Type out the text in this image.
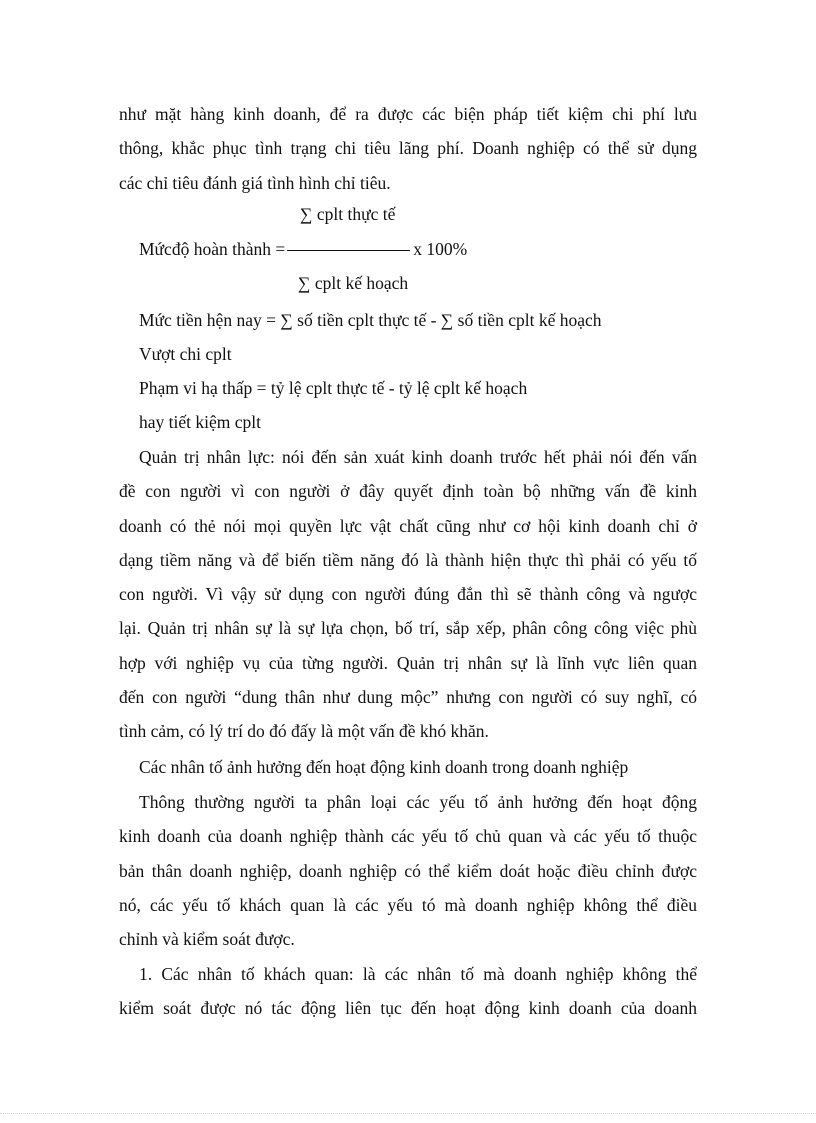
như mặt hàng kinh doanh, để ra được các biện pháp tiết kiệm chi phí lưu
thông, khắc phục tình trạng chi tiêu lãng phí. Doanh nghiệp có thể sử dụng
các chỉ tiêu đánh giá tình hình chỉ tiêu.

∑ cplt thực tế
Mứcđộ hoàn thành =	x 100%
∑ cplt kế hoạch

Mức tiền hện nay = ∑ số tiền cplt thực tế - ∑ số tiền cplt kế hoạch

Vượt chi cplt

Phạm vi hạ thấp = tỷ lệ cplt thực tế - tỷ lệ cplt kế hoạch

hay tiết kiệm cplt

Quản trị nhân lực: nói đến sản xuát kinh doanh trước hết phải nói đến vấn
đề con người vì con người ở đây quyết định toàn bộ những vấn đề kinh
doanh có thẻ nói mọi quyền lực vật chất cũng như cơ hội kinh doanh chỉ ở
dạng tiềm năng và để biến tiềm năng đó là thành hiện thực thì phải có yếu tố
con người. Vì vậy sử dụng con người đúng đắn thì sẽ thành công và ngược
lại. Quản trị nhân sự là sự lựa chọn, bố trí, sắp xếp, phân công công việc phù
hợp với nghiệp vụ của từng người. Quản trị nhân sự là lĩnh vực liên quan
đến con người “dung thân như dung mộc” nhưng con người có suy nghĩ, có
tình cảm, có lý trí do đó đấy là một vấn đề khó khăn.

Các nhân tố ảnh hưởng đến hoạt động kinh doanh trong doanh nghiệp

Thông thường người ta phân loại các yếu tố ảnh hưởng đến hoạt động
kinh doanh của doanh nghiệp thành các yếu tố chủ quan và các yếu tố thuộc
bản thân doanh nghiệp, doanh nghiệp có thể kiểm doát hoặc điều chỉnh được
nó, các yếu tố khách quan là các yếu tó mà doanh nghiệp không thể điều
chỉnh và kiểm soát được.

1. Các nhân tố khách quan: là các nhân tố mà doanh nghiệp không thể
kiểm soát được nó tác động liên tục đến hoạt động kinh doanh của doanh
